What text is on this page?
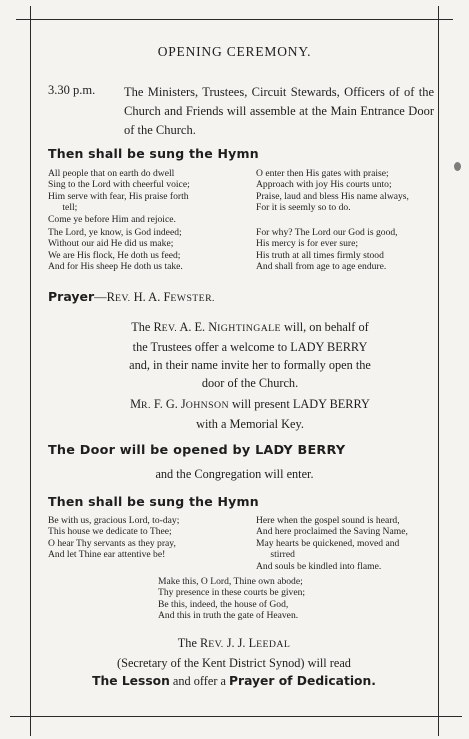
OPENING CEREMONY.
3.30 p.m. The Ministers, Trustees, Circuit Stewards, Officers of of the Church and Friends will assemble at the Main Entrance Door of the Church.
Then shall be sung the Hymn
All people that on earth do dwell
Sing to the Lord with cheerful voice;
Him serve with fear, His praise forth
tell;
Come ye before Him and rejoice.
O enter then His gates with praise;
Approach with joy His courts unto;
Praise, laud and bless His name always,
For it is seemly so to do.
The Lord, ye know, is God indeed;
Without our aid He did us make;
We are His flock, He doth us feed;
And for His sheep He doth us take.
For why? The Lord our God is good,
His mercy is for ever sure;
His truth at all times firmly stood
And shall from age to age endure.
Prayer—REV. H. A. FEWSTER.
The REV. A. E. NIGHTINGALE will, on behalf of
the Trustees offer a welcome to LADY BERRY
and, in their name invite her to formally open the
door of the Church.
MR. F. G. JOHNSON will present LADY BERRY
with a Memorial Key.
The Door will be opened by LADY BERRY
and the Congregation will enter.
Then shall be sung the Hymn
Be with us, gracious Lord, to-day;
This house we dedicate to Thee;
O hear Thy servants as they pray,
And let Thine ear attentive be!
Here when the gospel sound is heard,
And here proclaimed the Saving Name,
May hearts be quickened, moved and
stirred
And souls be kindled into flame.
Make this, O Lord, Thine own abode;
Thy presence in these courts be given;
Be this, indeed, the house of God,
And this in truth the gate of Heaven.
The REV. J. J. LEEDAL
(Secretary of the Kent District Synod) will read
The Lesson and offer a Prayer of Dedication.
